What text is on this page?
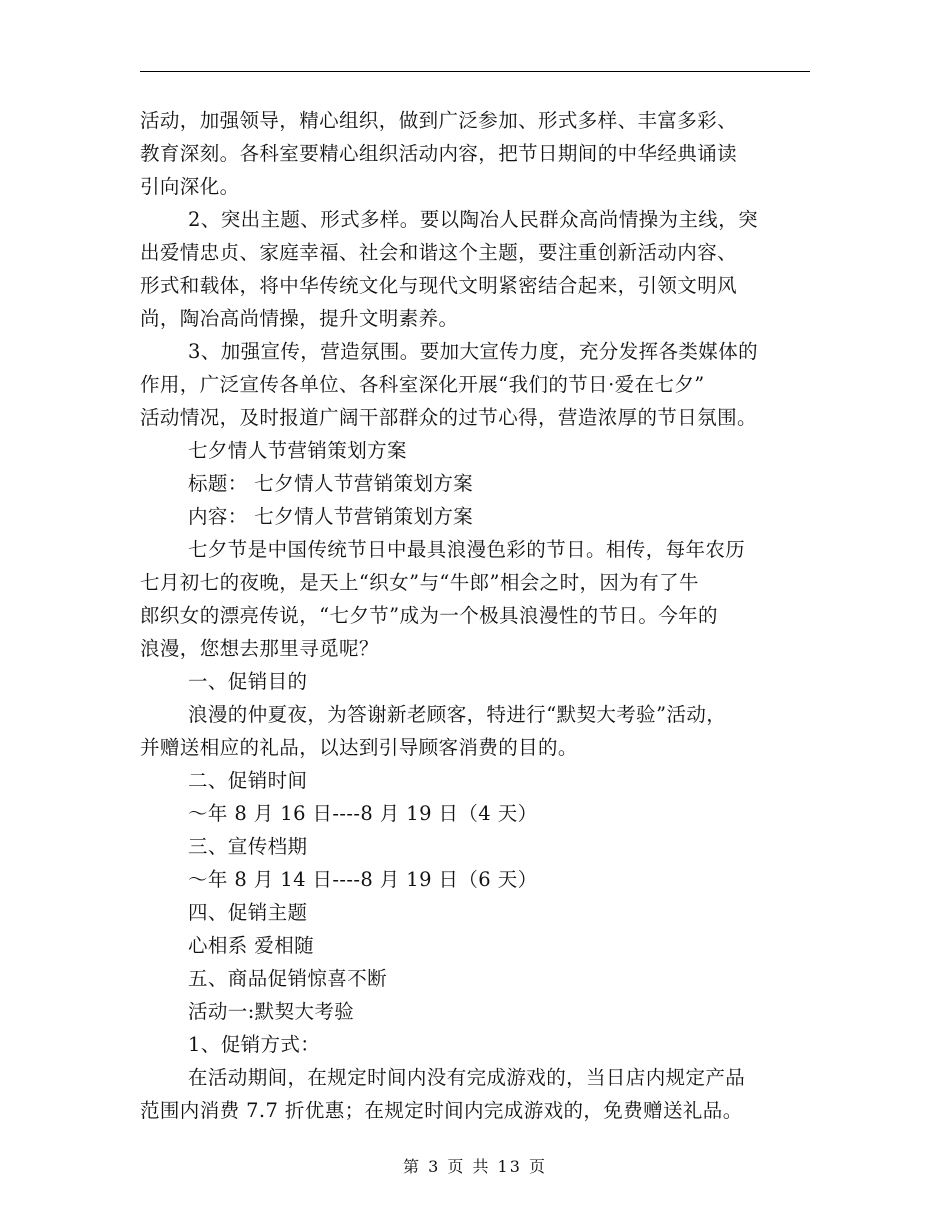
活动，加强领导，精心组织，做到广泛参加、形式多样、丰富多彩、
教育深刻。各科室要精心组织活动内容，把节日期间的中华经典诵读
引向深化。
2、突出主题、形式多样。要以陶冶人民群众高尚情操为主线，突
出爱情忠贞、家庭幸福、社会和谐这个主题，要注重创新活动内容、
形式和载体，将中华传统文化与现代文明紧密结合起来，引领文明风
尚，陶冶高尚情操，提升文明素养。
3、加强宣传，营造氛围。要加大宣传力度，充分发挥各类媒体的
作用，广泛宣传各单位、各科室深化开展“我们的节日·爱在七夕”
活动情况，及时报道广阔干部群众的过节心得，营造浓厚的节日氛围。
七夕情人节营销策划方案
标题： 七夕情人节营销策划方案
内容： 七夕情人节营销策划方案
七夕节是中国传统节日中最具浪漫色彩的节日。相传，每年农历
七月初七的夜晚，是天上“织女”与“牛郎”相会之时，因为有了牛
郎织女的漂亮传说，“七夕节”成为一个极具浪漫性的节日。今年的
浪漫，您想去那里寻觅呢？
一、促销目的
浪漫的仲夏夜，为答谢新老顾客，特进行“默契大考验”活动，
并赠送相应的礼品，以达到引导顾客消费的目的。
二、促销时间
～年 8 月 16 日----8 月 19 日（4 天）
三、宣传档期
～年 8 月 14 日----8 月 19 日（6 天）
四、促销主题
心相系 爱相随
五、商品促销惊喜不断
活动一:默契大考验
1、促销方式：
在活动期间，在规定时间内没有完成游戏的，当日店内规定产品
范围内消费 7.7 折优惠；在规定时间内完成游戏的，免费赠送礼品。
第 3 页 共 13 页
